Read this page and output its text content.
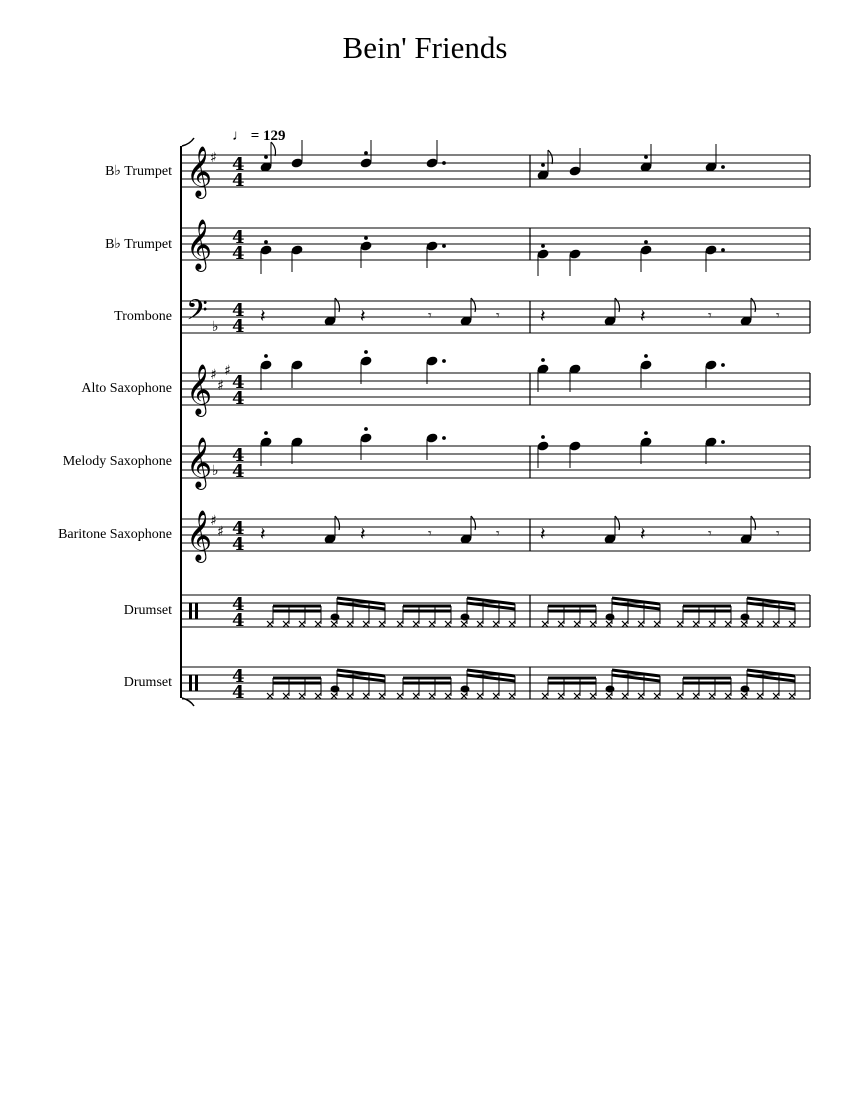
Bein' Friends
♩ = 129
B♭ Trumpet
B♭ Trumpet
Trombone
Alto Saxophone
Melody Saxophone
Baritone Saxophone
Drumset
Drumset
𝄞
𝄞
𝄢
𝄞
𝄞
𝄞
♯
♭
♯
♯
♯
♭
♯
♯
4
4
4
4
4
4
4
4
4
4
4
4
4
4
4
4
𝄽	𝄽	𝄾	𝄾 𝄽	𝄽	𝄾	𝄾
𝄽	𝄽	𝄾	𝄾 𝄽	𝄽	𝄾	𝄾
